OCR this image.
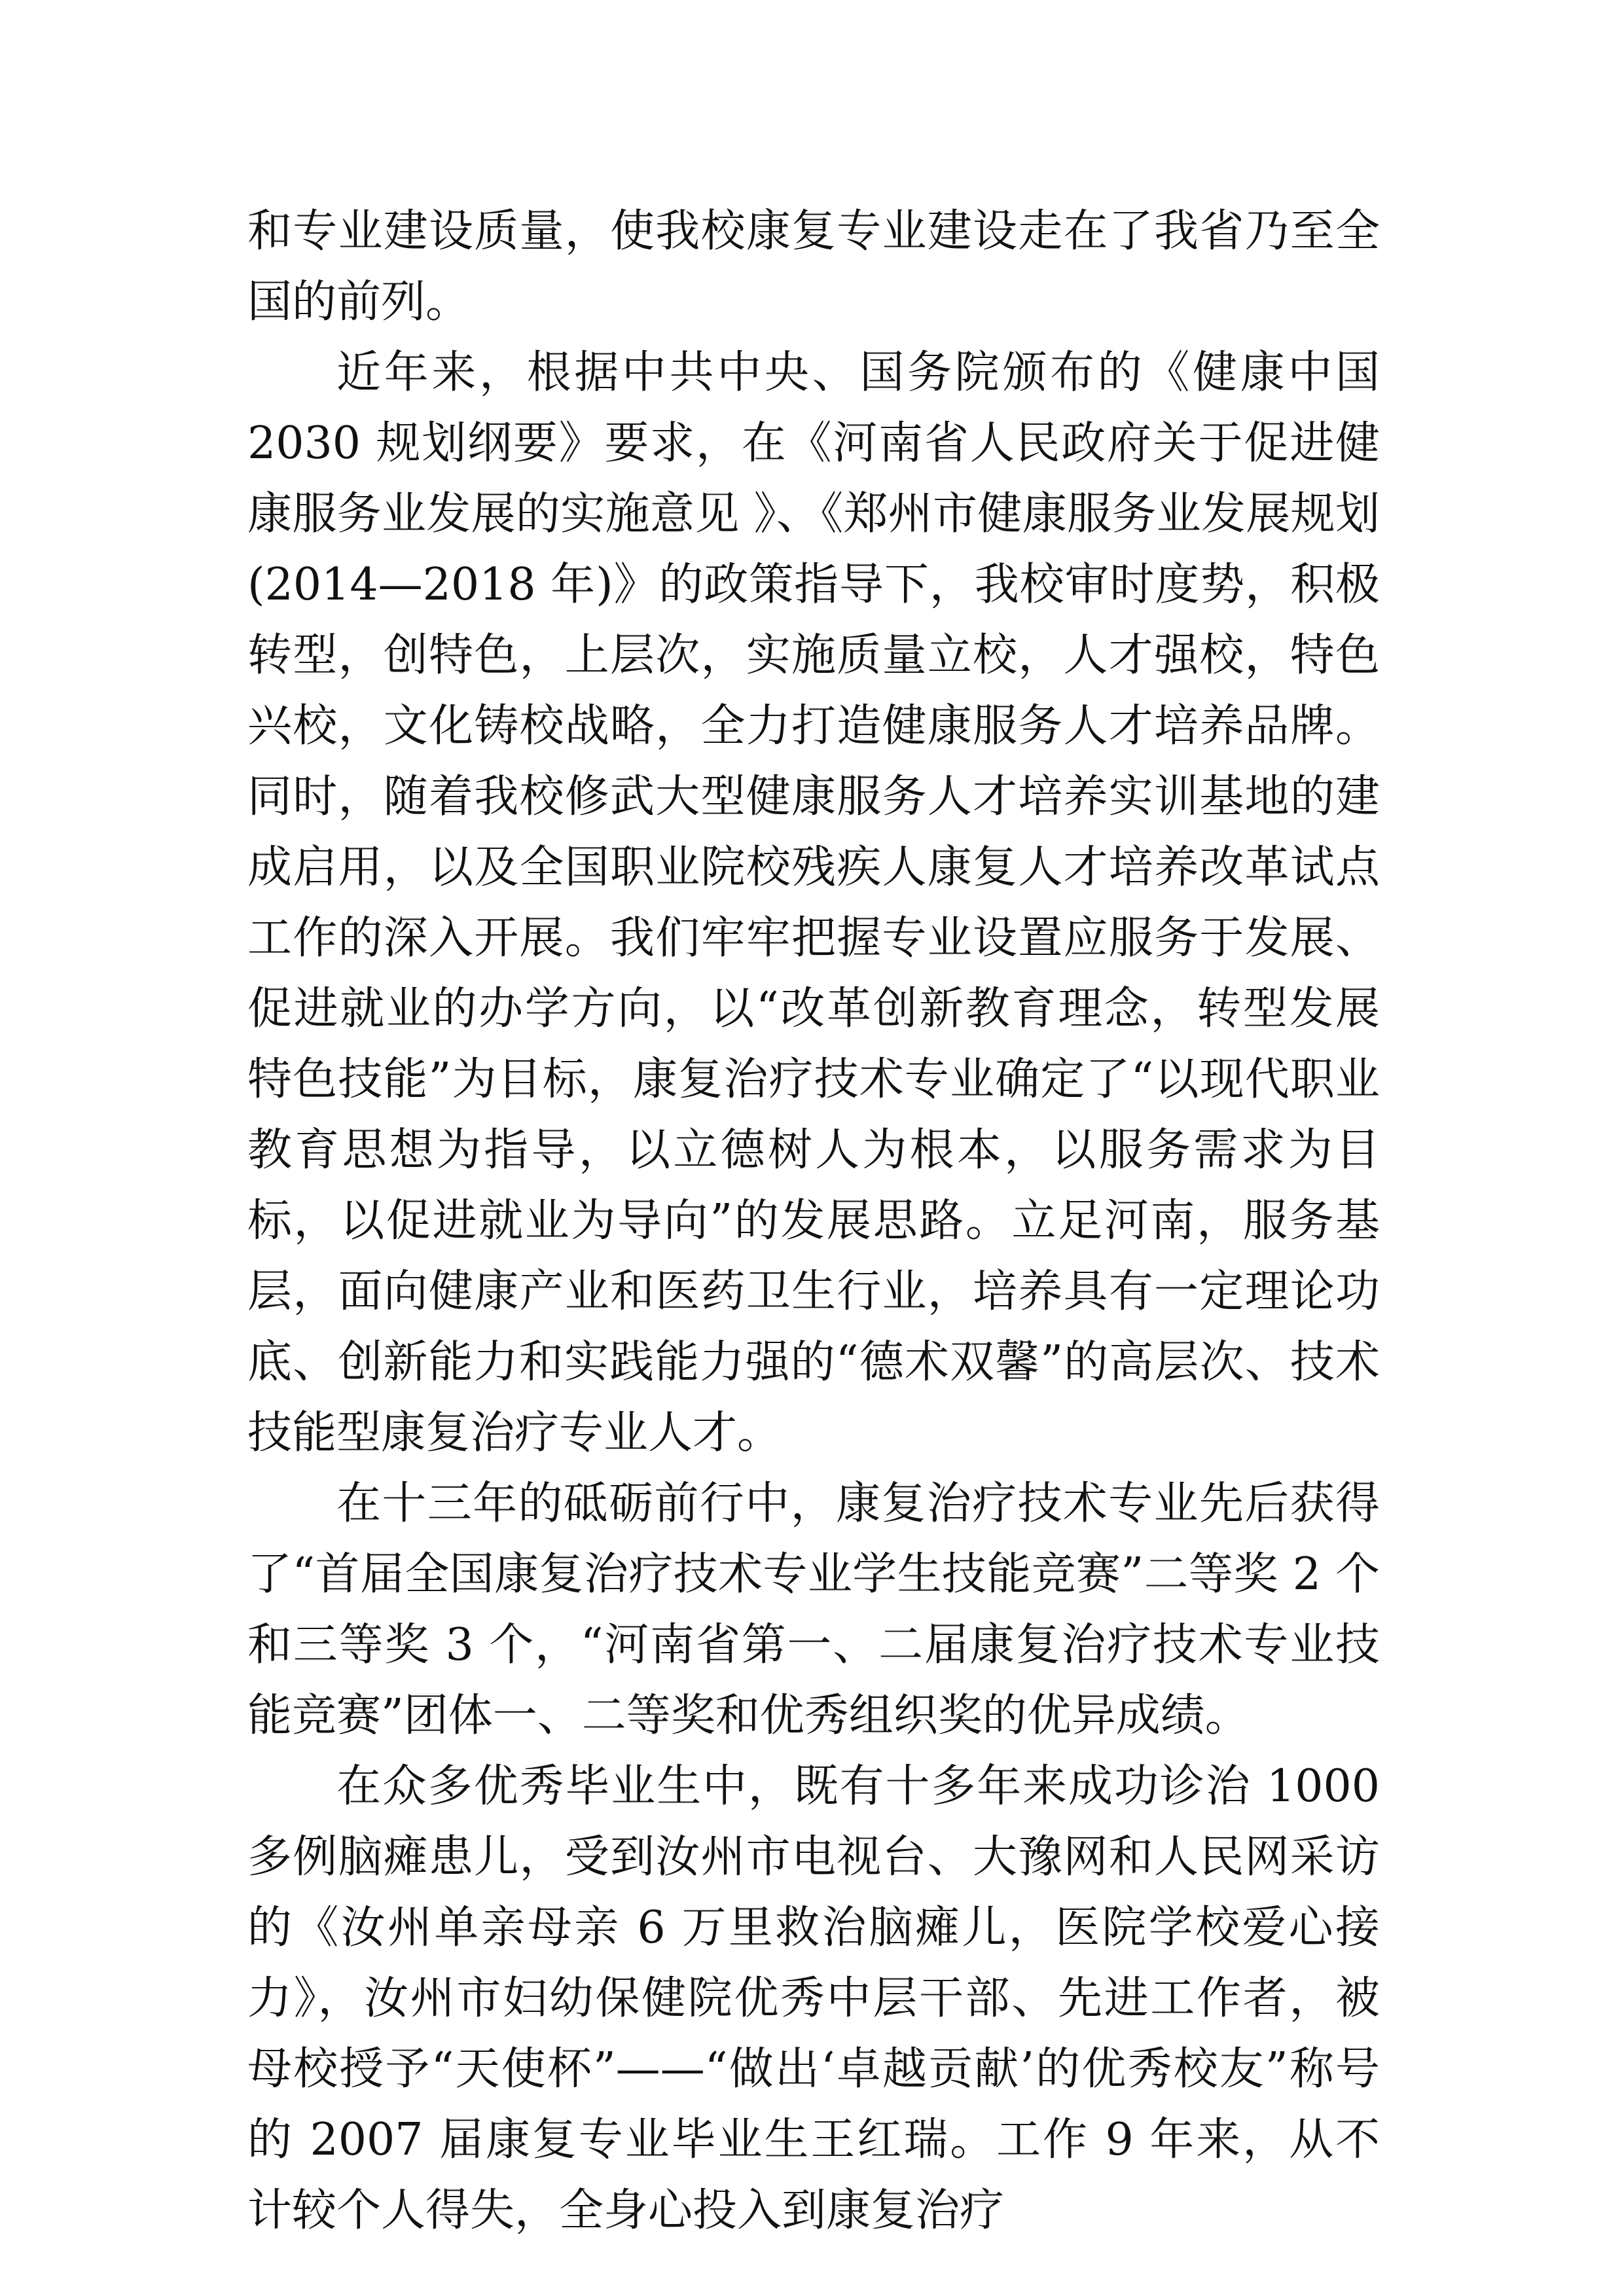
和专业建设质量，使我校康复专业建设走在了我省乃至全国的前列。

近年来，根据中共中央、国务院颁布的《健康中国 2030 规划纲要》要求，在《河南省人民政府关于促进健康服务业发展的实施意见 》、《郑州市健康服务业发展规划(2014—2018 年)》的政策指导下，我校审时度势，积极转型，创特色，上层次，实施质量立校，人才强校，特色兴校，文化铸校战略，全力打造健康服务人才培养品牌。同时，随着我校修武大型健康服务人才培养实训基地的建成启用，以及全国职业院校残疾人康复人才培养改革试点工作的深入开展。我们牢牢把握专业设置应服务于发展、促进就业的办学方向，以“改革创新教育理念，转型发展特色技能”为目标，康复治疗技术专业确定了“以现代职业教育思想为指导，以立德树人为根本，以服务需求为目标，以促进就业为导向”的发展思路。立足河南，服务基层，面向健康产业和医药卫生行业，培养具有一定理论功底、创新能力和实践能力强的“德术双馨”的高层次、技术技能型康复治疗专业人才。

在十三年的砥砺前行中，康复治疗技术专业先后获得了“首届全国康复治疗技术专业学生技能竞赛”二等奖 2 个和三等奖 3 个，“河南省第一、二届康复治疗技术专业技能竞赛”团体一、二等奖和优秀组织奖的优异成绩。

在众多优秀毕业生中，既有十多年来成功诊治 1000 多例脑瘫患儿，受到汝州市电视台、大豫网和人民网采访的《汝州单亲母亲 6 万里救治脑瘫儿，医院学校爱心接力》，汝州市妇幼保健院优秀中层干部、先进工作者，被母校授予“天使杯”——“做出‘卓越贡献’的优秀校友”称号的 2007 届康复专业毕业生王红瑞。工作 9 年来，从不计较个人得失，全身心投入到康复治疗
